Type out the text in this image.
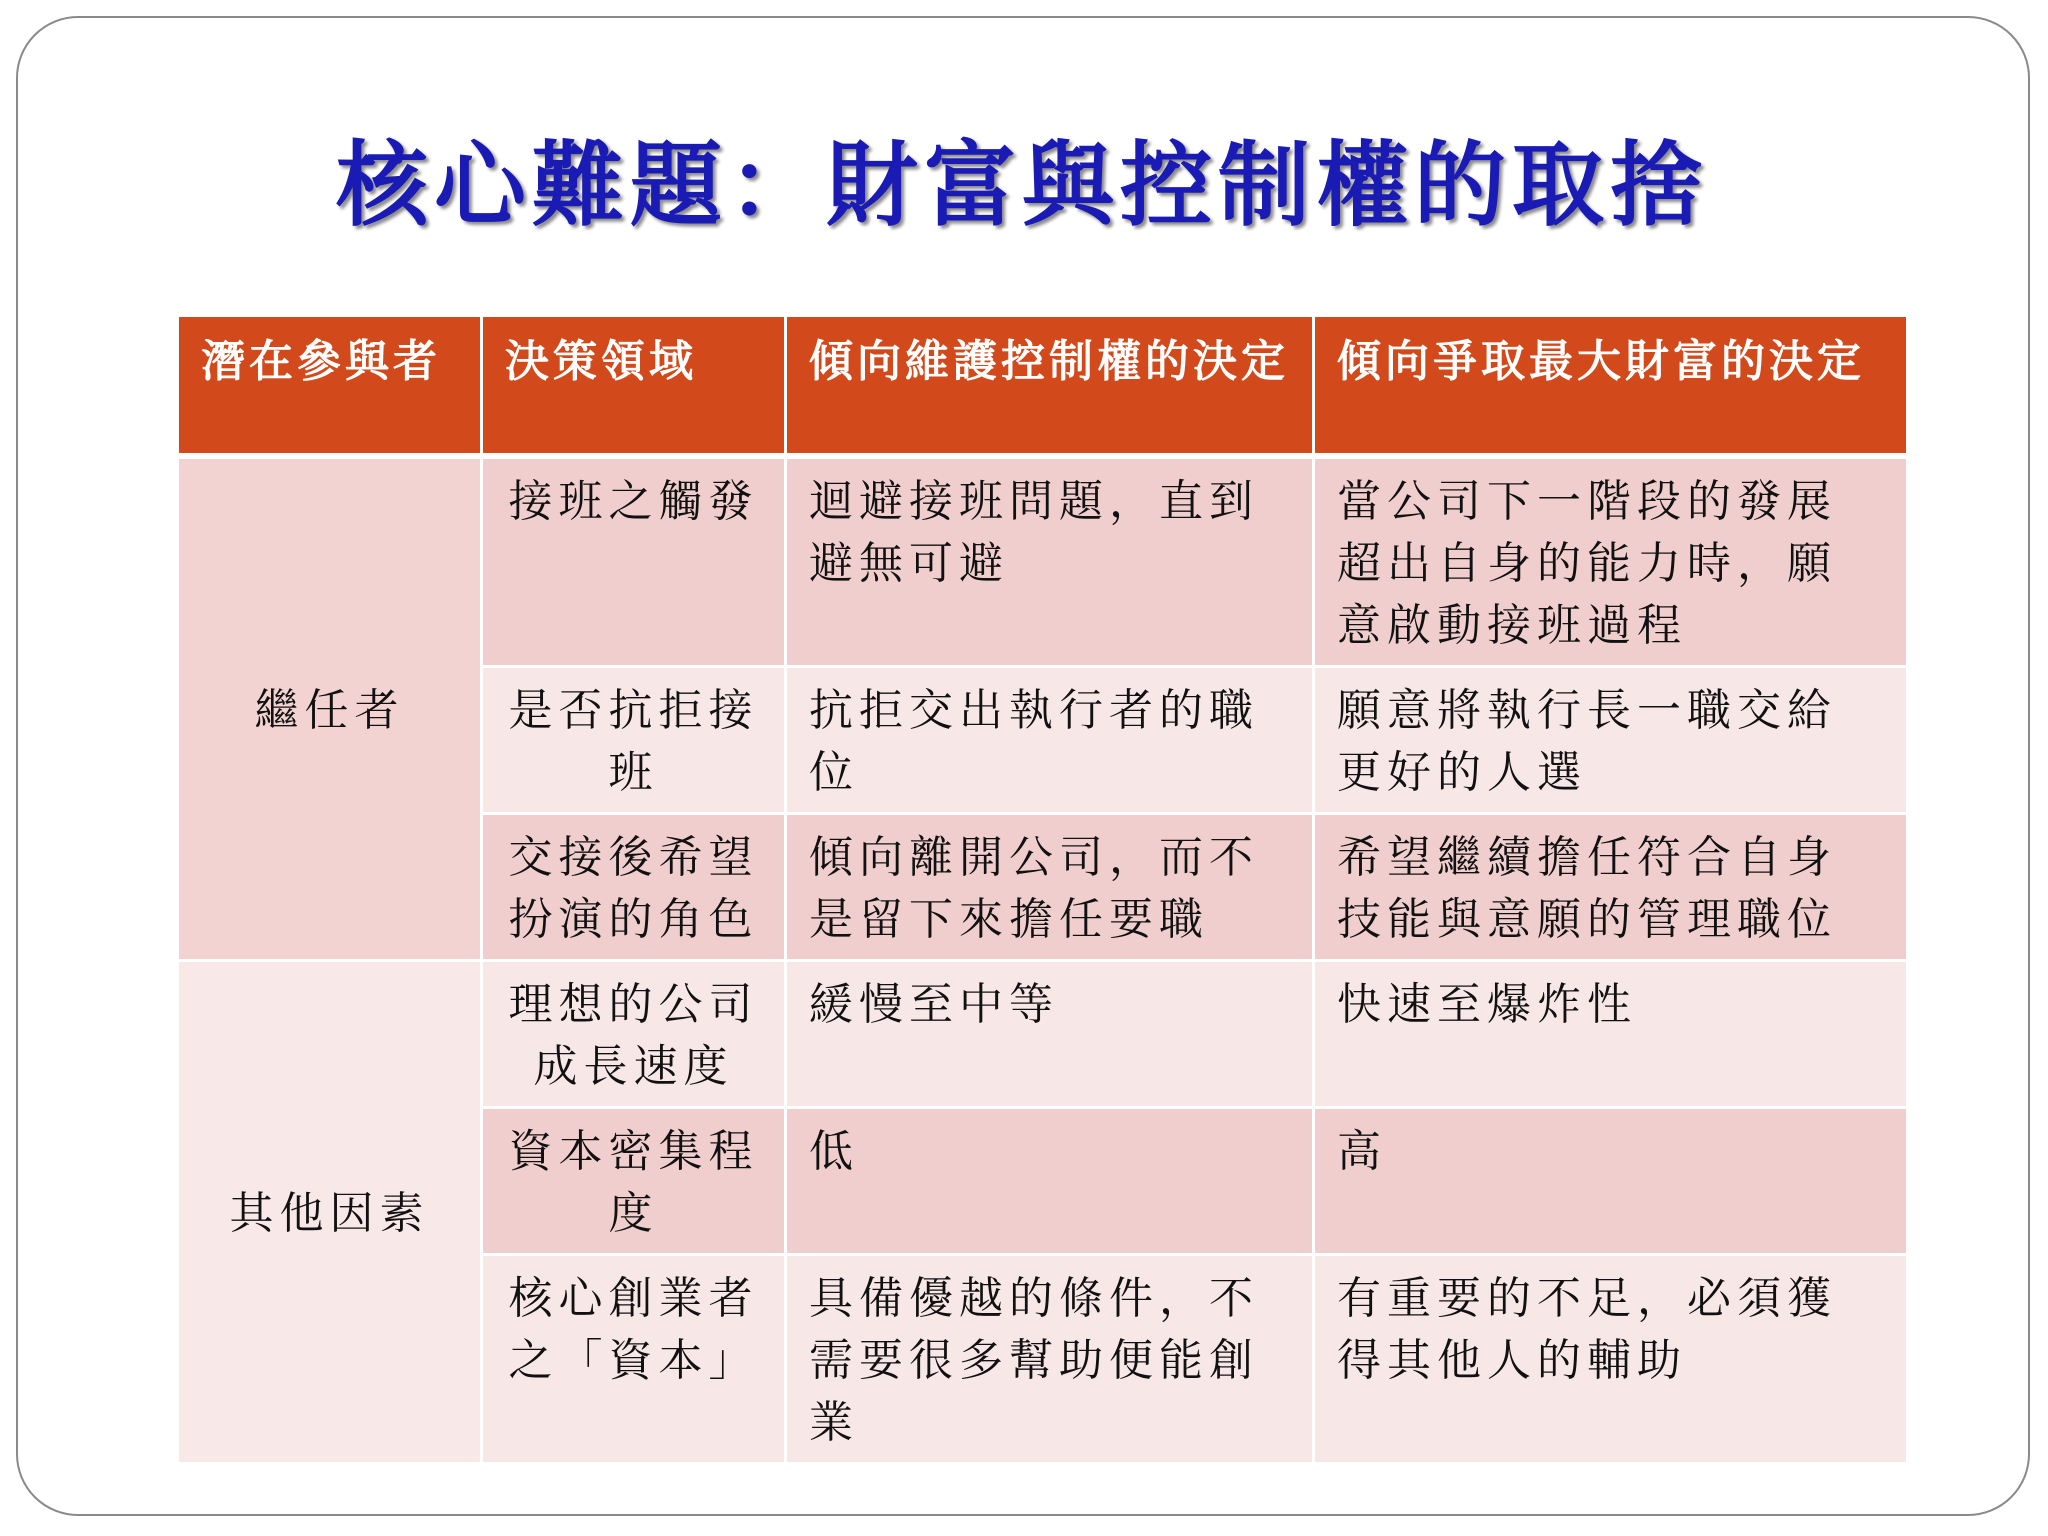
核心難題：財富與控制權的取捨
潛在參與者	決策領域	傾向維護控制權的決定	傾向爭取最大財富的決定
繼任者	接班之觸發	迴避接班問題，直到避無可避	當公司下一階段的發展超出自身的能力時，願意啟動接班過程
	是否抗拒接班	抗拒交出執行者的職位	願意將執行長一職交給更好的人選
	交接後希望扮演的角色	傾向離開公司，而不是留下來擔任要職	希望繼續擔任符合自身技能與意願的管理職位
其他因素	理想的公司成長速度	緩慢至中等	快速至爆炸性
	資本密集程度	低	高
	核心創業者之「資本」	具備優越的條件，不需要很多幫助便能創業	有重要的不足，必須獲得其他人的輔助
